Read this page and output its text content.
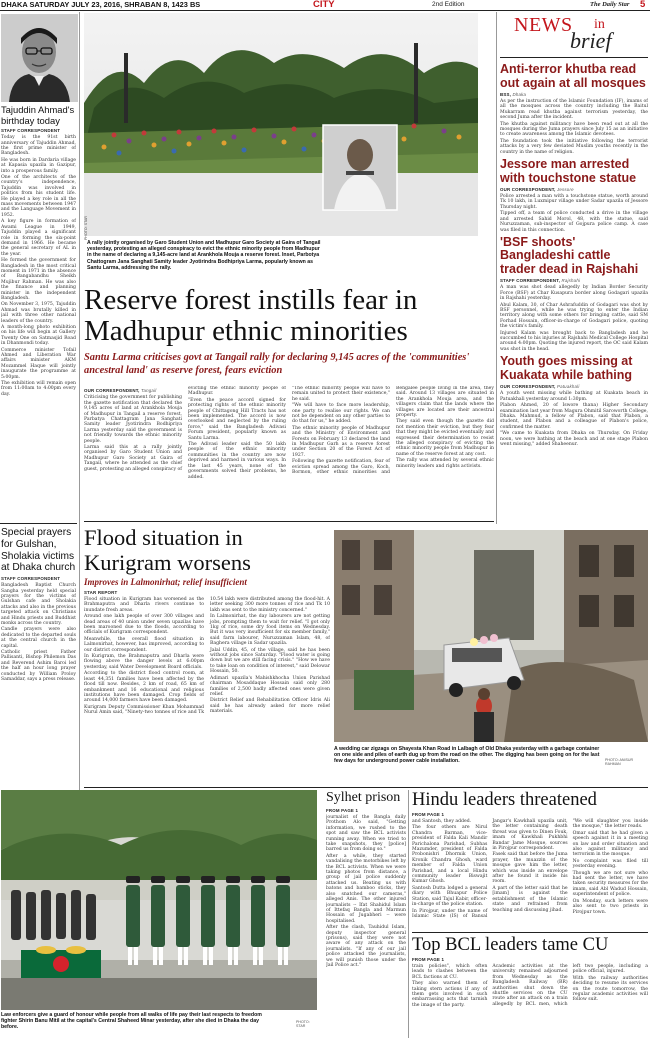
DHAKA SATURDAY JULY 23, 2016, SHRABAN 8, 1423 BS	CITY	2nd Edition	The Daily Star 5
Tajuddin Ahmad's birthday today
STAFF CORRESPONDENT

Today is the 91st birth anniversary of Tajuddin Ahmad, the first prime minister of Bangladesh.

He was born in Dardaria village at Kapasia upazila in Gazipur, into a prosperous family.

One of the architects of the country's independence, Tajuddin was involved in politics from his student life. He played a key role in all the mass movements between 1947 and the Language Movement in 1952.

A key figure in formation of Awami League in 1949, Tajuddin played a significant role in forming the six-point demand in 1966. He became the general secretary of AL in the year.

He formed the government for Bangladesh in the most critical moment in 1971 in the absence of Bangabandhu Sheikh Mujibur Rahman. He was also the finance and planning minister in the independent Bangladesh.

On November 3, 1975, Tajuddin Ahmad was brutally killed in jail with three other national leaders of the country.

A month-long photo exhibition on his life will begin at Gallery Twenty One on Satmasjid Road in Dhanmondi today.

Commerce minister Tofail Ahmed and Liberation War affairs minister AKM Mozammel Haque will jointly inaugurate the programme at 5:00pm.

The exhibition will remain open from 11:00am to 4:00pm every day.

Special prayers for Gulshan, Sholakia victims at Dhaka church
STAFF CORRESPONDENT

Bangladesh Baptist Church Sangha yesterday held special prayers for the victims of Gulshan cafe and Sholakia attacks and also in the previous targeted attack on Christians and Hindu priests and Buddhist monks across the country.

Candle prayers were also dedicated to the departed souls at the central church in the capital.

Catholic priest Father Pallisanti, Bishop Philemon Das and Reverend Ashim Baroi led the half an hour long prayer conducted by William Proloy Samaddar, says a press release.

PHOTO: STAR
A rally jointly organised by Garo Student Union and Madhupur Garo Society at Gaira of Tangail yesterday, protesting an alleged conspiracy to evict the ethnic minority people from Madhupur in the name of declaring a 9,145-acre land at Arankhola Mouja a reserve forest. Inset, Parbotya Chattogram Jana Sanghati Samity leader Jyotirindra Bodhipriya Larma, popularly known as Santu Larma, addressing the rally.
Reserve forest instills fear in Madhupur ethnic minorities
Santu Larma criticises govt at Tangail rally for declaring 9,145 acres of the 'communities' ancestral land' as reserve forest, fears eviction
OUR CORRESPONDENT, Tangail

Criticising the government for publishing the gazette notification that declared the 9,145 acres of land at Arankhola Mouja of Madhupur in Tangail a reserve forest, Parbatya Chattagram Jana Sanghati Samity leader Jyotirindra Bodhipriya Larma yesterday said the government is not friendly towards the ethnic minority people.

Larma said this at a rally jointly organised by Garo Student Union and Madhupur Garo Society at Gaira of Tangail, where he attended as the chief guest, protesting an alleged conspiracy of evicting the ethnic minority people of Madhupur.

"Even the peace accord signed for protecting rights of the ethnic minority people of Chittagong Hill Tracts has not been implemented. The accord is now overlooked and neglected by the ruling force," said the Bangladesh Adivasi Forum president, popularly known as Santu Larma.

The Adivasi leader said the 50 lakh people of the ethnic minority communities in the country are now deprived and harmed in various ways. In the last 45 years, none of the governments solved their problems, he added.

"The ethnic minority people will have to remain united to protect their existence," he said.

"We will have to face more leadership, one party to realise our rights. We can not be dependent on any other parties to do that for us," he added.

The ethnic minority people of Madhupur and the Ministry of Environment and Forests on February 13 declared the land in Madhupur Garh as a reserve forest under Section 20 of the Forest Act of 1927.

Following the gazette notification, fear of eviction spread among the Garo, Koch, Bormon, other ethnic minorities and Bengalee people living in the area, they said. Around 13 villages are situated in the Arankhola Mouja area, and the villagers claim that the lands where the villages are located are their ancestral property.

They said even though the gazette did not mention their eviction, but they fear that they might be evicted eventually and expressed their determination to resist the alleged conspiracy of evicting the ethnic minority people from Madhupur in name of the reserve forest at any cost.

The rally was attended by several ethnic minority leaders and rights activists.

Flood situation in Kurigram worsens
Improves in Lalmonirhat; relief insufficient
STAR REPORT

Flood situation in Kurigram has worsened as the Brahmaputra and Dharla rivers continue to inundate fresh areas.

Around one lakh people of over 300 villages and dead areas of 40 union under seven upazilas have been marooned due to the floods, according to officials of Kurigram correspondent.

Meanwhile, the overall flood situation in Lalmonirhat, however, has improved, according to our district correspondent.

In Kurigram, the Brahmaputra and Dharla were flowing above the danger levels at 6:00pm yesterday, said Water Development Board officials.

According to the district flood control room, at least 44,351 families have been affected by the flood till now. Besides, 2 km of road, 65 km of embankment and 16 educational and religious institutions have been damaged. Crop fields of around 14,000 farmers have been damaged.

Kurigram Deputy Commissioner Khan Mohammad Nurul Amin said, "Ninety-two tonnes of rice and Tk 10.54 lakh were distributed among the flood-hit. A letter seeking 300 more tonnes of rice and Tk 10 lakh was sent to the ministry concerned."

In Lalmonirhat, the day labourers are not getting jobs, prompting them to wait for relief. "I got only 1kg of rice, some dry food items on Wednesday. But it was very insufficient for six member family," said farm labourer, Nuruzzaman Islam, 48, of Baghera village in Sadar upazila.

Jalal Uddin, 45, of the village, said he has been without jobs since Saturday. "Flood water is going down but we are still facing crisis." "How we have to take loan on condition of interest," said Delowar Hossain, 50.

Adimari upazila's Mahishkhocha Union Parishad chairman Mosaddaque Hossain said only 280 families of 2,500 badly affected ones were given relief.

District Relief and Rehabilitation Officer Idris Ali said he has already asked for more relief materials.

A wedding car zigzags on Shayesta Khan Road in Lalbagh of Old Dhaka yesterday with a garbage container on one side and piles of earth dug up from the road on the other. The digging has been going on for the last few days for underground power cable installation.	PHOTO: ANISUR RAHMAN
Law enforcers give a guard of honour while people from all walks of life pay their last respects to freedom fighter Shirin Banu Mitil at the capital's Central Shaheed Minar yesterday, after she died in Dhaka the day before.
PHOTO: STAR
Sylhet prison
FROM PAGE 1

journalist of the Bangla daily Prothom Alo said, "Getting information, we rushed to the spot and saw the BCL activists running away. When we tried to take snapshots, they [police] barred us from doing so."

After a while, they started vandalising the motorbikes left by the BCL activists. When we were taking photos from distance, a group of jail police suddenly attacked us. Beating us with batons and bamboo sticks, they also snatched our cameras," alleged Anis. The other injured journalists -- Ifat Shahidul Islam of Ittefaq Bangla and Marmun Hossain of Jugabheri -- were hospitalised.

After the clash, Tauhidul Islam, deputy inspector general (prisons), said they were not aware of any attack on the journalists. "If any of our jail police attacked the journalists, we will punish those under the Jail Police act."

Hindu leaders threatened
FROM PAGE 1

and Santosh, they added.

The four others are Nirul Chandra Barman, vice-president of Falda Kali Mandir Parichalona Parishad, Subhas Mazumder, president of Falda Probonishri Dhormik Union, Kronik Chandra Ghosh, ward member of Falda Union Parishad, and a local Hindu community leader Biswajit Kumar Ghosh.

Santosh Dutta lodged a general diary with Bhuapur Police Station, said Tajul Kabir, officer-in-charge of the police station.

In Pirojpur, under the name of Islamic State (IS) of Bansal Jangar's Kawkhali upazila unit, the letter containing death threat was given to Dinen Fouk, imam of Kawkhali Pukhbhi Bandar Jame Mosque, sources in Pirojpur correspondent.

Fasek said that before the Juma prayer, the muazzin of the mosque gave him the letter, which was inside an envelope after he found it inside his room.

A part of the letter said that he [imam] is against the establishment of the Islamic state and refrained from teaching and discussing jihad.

"We will slaughter you inside the mosque," the letter reads.

Omar said that he had given a speech against it in a meeting on law and order situation and also against militancy and terrorism in the mosque.

No complaint was filed till yesterday evening.

Though we are not sure who had sent the letter, we have taken security measures for the imam, said Abl Wadud Hossain, superintendent of police.

On Monday, such letters were also sent to two priests in Pirojpur town.

Top BCL leaders tame CU
FROM PAGE 1

train policies", which often leads to clashes between the BCL factions at CU.

They also warned them of taking stern actions if any of them gets involved in such embarrassing acts that tarnish the image of the party.

Academic activities at the university remained adjourned from Wednesday as the Bangladesh Railway (BR) authorities shut down the shuttle services on the CU route after an attack on a train allegedly by BCL men, which left two people, including a police official, injured.

With the railway authorities deciding to resume its services on the route tomorrow, the regular academic activities will follow suit.

NEWS in
brief
Anti-terror khutba read out again at all mosques
BSS, Dhaka

As per the instruction of the Islamic Foundation (IF), imams of all the mosques across the country including the Baitul Mukarram read khutba against terrorism yesterday, the second Juma after the incident.

The khutba against militancy have been read out at all the mosques during the Juma prayers since July 15 as an initiative to create awareness among the Islamic devotees.

The foundation took the initiative following the terrorist attacks by a very few deviated Muslim youths recently in the country in the name of religion.

Jessore man arrested with touchstone statue
OUR CORRESPONDENT, Jessore

Police arrested a man with a touchstone statue, worth around Tk 10 lakh, in Luxmipur village under Sadar upazila of Jessore Thursday night.

Tipped off, a team of police conducted a drive in the village and arrested Sahid Morol, 48, with the statue, said Nuruzzaman, sub-inspector of Gojpura police camp. A case was filed in this connection.

'BSF shoots' Bangladeshi cattle trader dead in Rajshahi
STAFF CORRESPONDENT, Rajshahi

A man was shot dead allegedly by Indian Border Security Force (BSF) at Char Kusapura border along Godagari upazila in Rajshahi yesterday.

Abul Kalam, 30, of Char Ashrafuddin of Godagari was shot by BSF personnel, while he was trying to enter the Indian territory along with some others for bringing cattle, said SM Forhad Hossain, officer-in-charge of Godagari police, quoting the victim's family.

Injured Kalam was brought back to Bangladesh and he succumbed to his injuries at Rajshahi Medical College Hospital around 4:00pm. Quoting the injured report, the OC said Kalam was shot in the head.

Youth goes missing at Kuakata while bathing
OUR CORRESPONDENT, Patuakhali

A youth went missing while bathing at Kuakata beach in Patuakhali yesterday around 1:30pm.

Plabon Ahmed, 20 of Iswore thana) Higher Secondary examination last year from Magura Ohmitil Saroworth College, Dhaka. Mahmud, a fellow of Plabon, said that Plabon, a student, and Plabon and a colleague of Plabon's police, confirmed the matter.

"We came to Kuakata from Dhaka on Thursday. On Friday noon, we were bathing at the beach and at one stage Plabon went missing," added Shaheenur.
